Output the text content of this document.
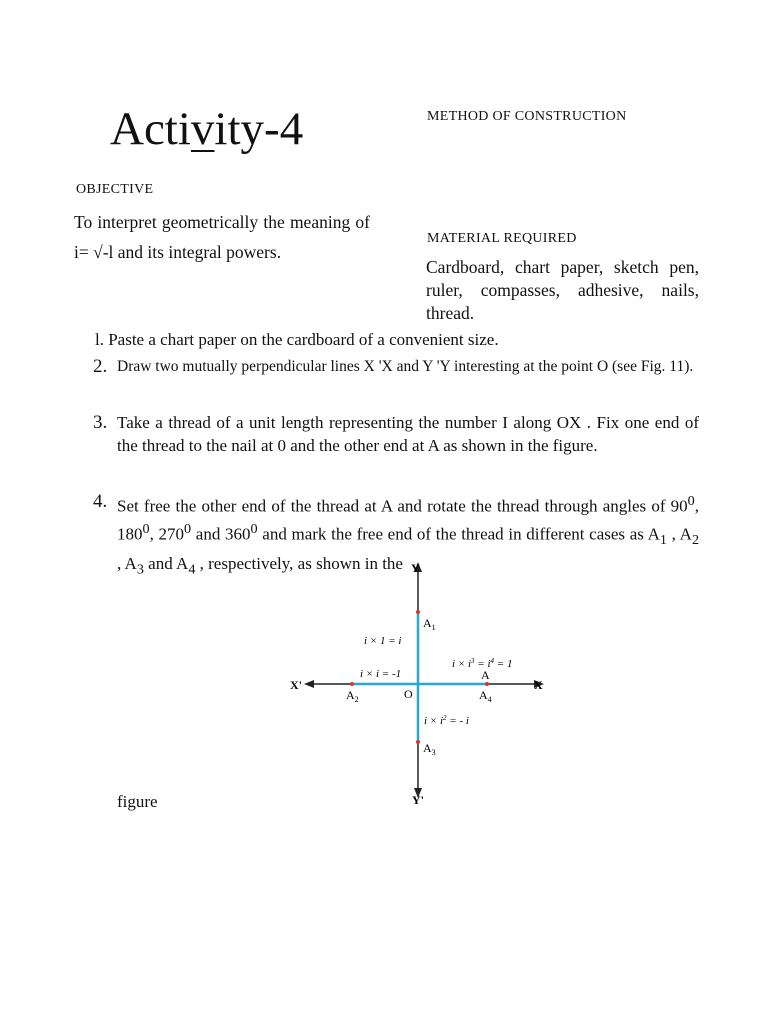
Activity-4	METHOD OF CONSTRUCTION
OBJECTIVE
MATERIAL REQUIRED
To interpret geometrically the meaning of i= √-l and its integral powers.
Cardboard, chart paper, sketch pen, ruler, compasses, adhesive, nails, thread.
l. Paste a chart paper on the cardboard of a convenient size.
2. Draw two mutually perpendicular lines X 'X and Y 'Y interesting at the point O (see Fig. 11).
3. Take a thread of a unit length representing the number I along OX . Fix one end of the thread to the nail at 0 and the other end at A as shown in the figure.
4. Set free the other end of the thread at A and rotate the thread through angles of $90^0$, $180^0$, $270^0$ and $360^0$ and mark the free end of the thread in different cases as $A_1$ , $A_2$ , $A_3$ and $A_4$ , respectively, as shown in the Y
Y'
X
X'
O
$A_1$
$A_2$
$A_3$
A
$A_4$
i × 1 = i
i × i = -1
$i \times i^3 = i^4 = 1$
$i \times i^2$ = - i
figure
